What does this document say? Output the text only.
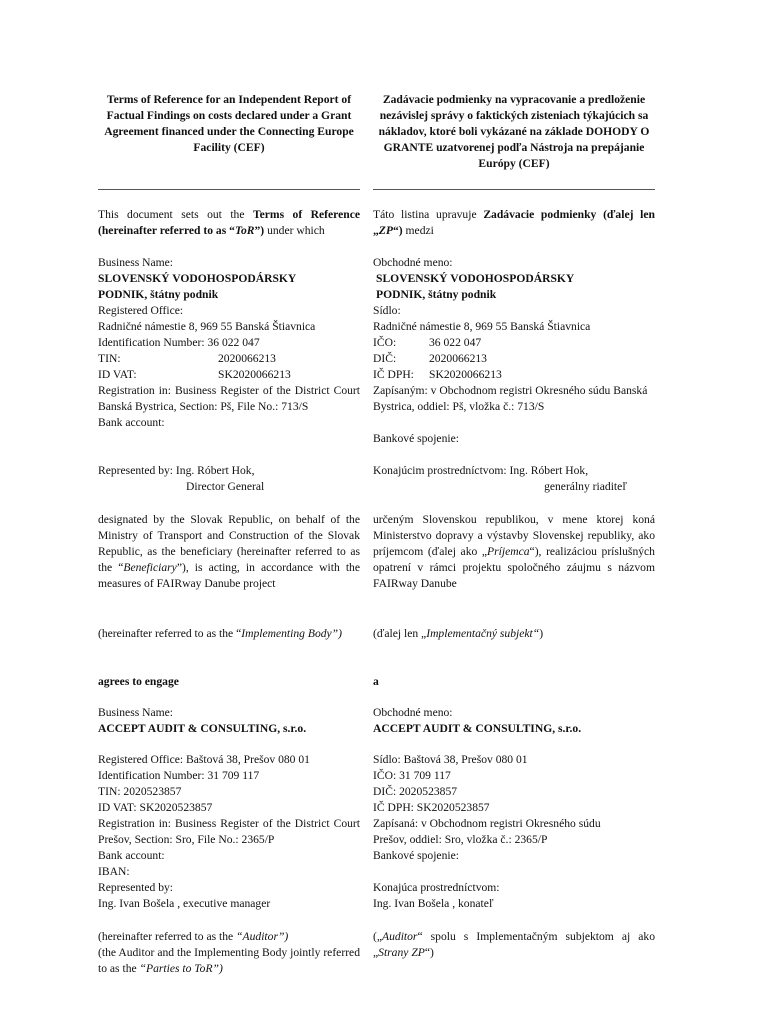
Terms of Reference for an Independent Report of Factual Findings on costs declared under a Grant Agreement financed under the Connecting Europe Facility (CEF)

Zadávacie podmienky na vypracovanie a predloženie nezávislej správy o faktických zisteniach týkajúcich sa nákladov, ktoré boli vykázané na základe DOHODY O GRANTE uzatvorenej podľa Nástroja na prepájanie Európy (CEF)

This document sets out the Terms of Reference (hereinafter referred to as “ToR”) under which

Táto listina upravuje Zadávacie podmienky (ďalej len „ZP“) medzi

Business Name:

SLOVENSKÝ VODOHOSPODÁRSKY

PODNIK, štátny podnik

Registered Office:

Radničné námestie 8, 969 55 Banská Štiavnica

Identification Number: 36 022 047

TIN:	2020066213
ID VAT:	SK2020066213

Registration in: Business Register of the District Court Banská Bystrica, Section: Pš, File No.: 713/S

Bank account:

Represented by: Ing. Róbert Hok,

Director General

Obchodné meno:

SLOVENSKÝ VODOHOSPODÁRSKY

PODNIK, štátny podnik

Sídlo:

Radničné námestie 8, 969 55 Banská Štiavnica

IČO:	36 022 047
DIČ:	2020066213
IČ DPH:	SK2020066213

Zapísaným: v Obchodnom registri Okresného súdu Banská Bystrica, oddiel: Pš, vložka č.: 713/S

Bankové spojenie:

Konajúcim prostredníctvom: Ing. Róbert Hok,

generálny riaditeľ

designated by the Slovak Republic, on behalf of the Ministry of Transport and Construction of the Slovak Republic, as the beneficiary (hereinafter referred to as the “Beneficiary”), is acting, in accordance with the measures of FAIRway Danube project

určeným Slovenskou republikou, v mene ktorej koná Ministerstvo dopravy a výstavby Slovenskej republiky, ako príjemcom (ďalej ako „Príjemca“), realizáciou príslušných opatrení v rámci projektu spoločného záujmu s názvom FAIRway Danube

(hereinafter referred to as the “Implementing Body”)	(ďalej len „Implementačný subjekt“)

agrees to engage	a

Business Name:

ACCEPT AUDIT & CONSULTING, s.r.o.

Registered Office: Baštová 38, Prešov 080 01

Identification Number: 31 709 117

TIN: 2020523857

ID VAT: SK2020523857

Registration in: Business Register of the District Court Prešov, Section: Sro, File No.: 2365/P

Bank account:

IBAN:

Represented by:

Ing. Ivan Bošela , executive manager

Obchodné meno:

ACCEPT AUDIT & CONSULTING, s.r.o.

Sídlo: Baštová 38, Prešov 080 01

IČO: 31 709 117

DIČ: 2020523857

IČ DPH: SK2020523857

Zapísaná: v Obchodnom registri Okresného súdu

Prešov, oddiel: Sro, vložka č.: 2365/P

Bankové spojenie:

Konajúca prostredníctvom:

Ing. Ivan Bošela , konateľ

(hereinafter referred to as the “Auditor”)

(the Auditor and the Implementing Body jointly referred to as the “Parties to ToR”)

(„Auditor“ spolu s Implementačným subjektom aj ako „Strany ZP“)
